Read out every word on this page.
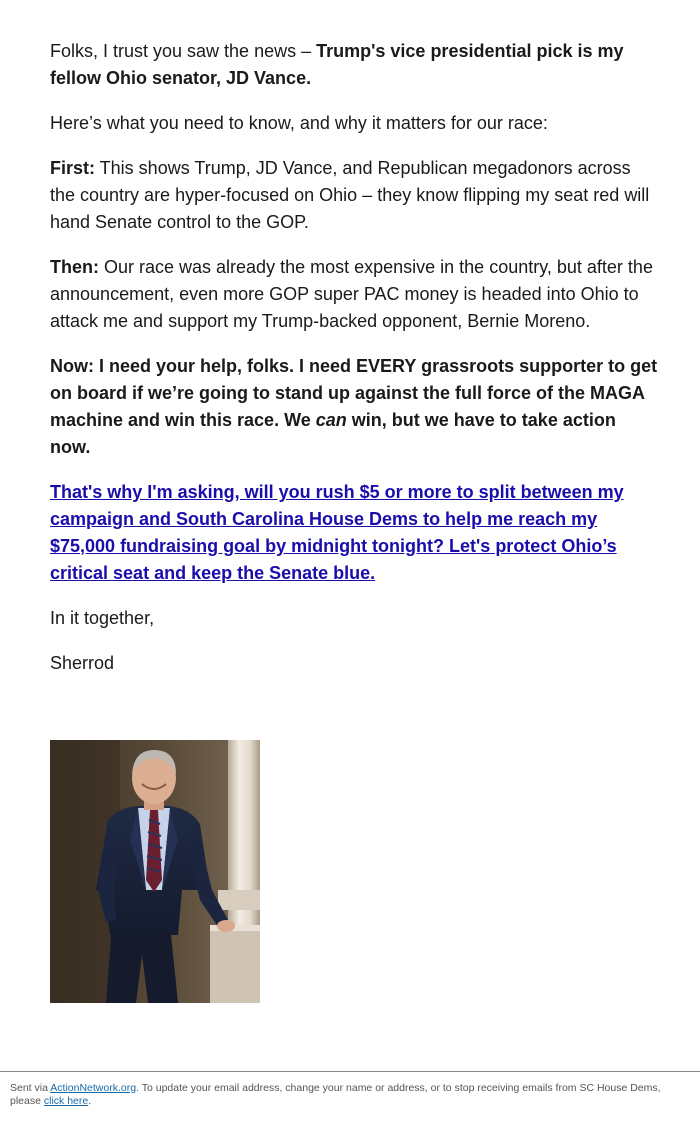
Folks, I trust you saw the news – Trump's vice presidential pick is my fellow Ohio senator, JD Vance.

Here’s what you need to know, and why it matters for our race:

First: This shows Trump, JD Vance, and Republican megadonors across the country are hyper-focused on Ohio – they know flipping my seat red will hand Senate control to the GOP.

Then: Our race was already the most expensive in the country, but after the announcement, even more GOP super PAC money is headed into Ohio to attack me and support my Trump-backed opponent, Bernie Moreno.

Now: I need your help, folks. I need EVERY grassroots supporter to get on board if we’re going to stand up against the full force of the MAGA machine and win this race. We can win, but we have to take action now.

That's why I'm asking, will you rush $5 or more to split between my campaign and South Carolina House Dems to help me reach my $75,000 fundraising goal by midnight tonight? Let's protect Ohio’s critical seat and keep the Senate blue.

In it together,

Sherrod

Sent via ActionNetwork.org. To update your email address, change your name or address, or to stop receiving emails from SC House Dems, please click here.
